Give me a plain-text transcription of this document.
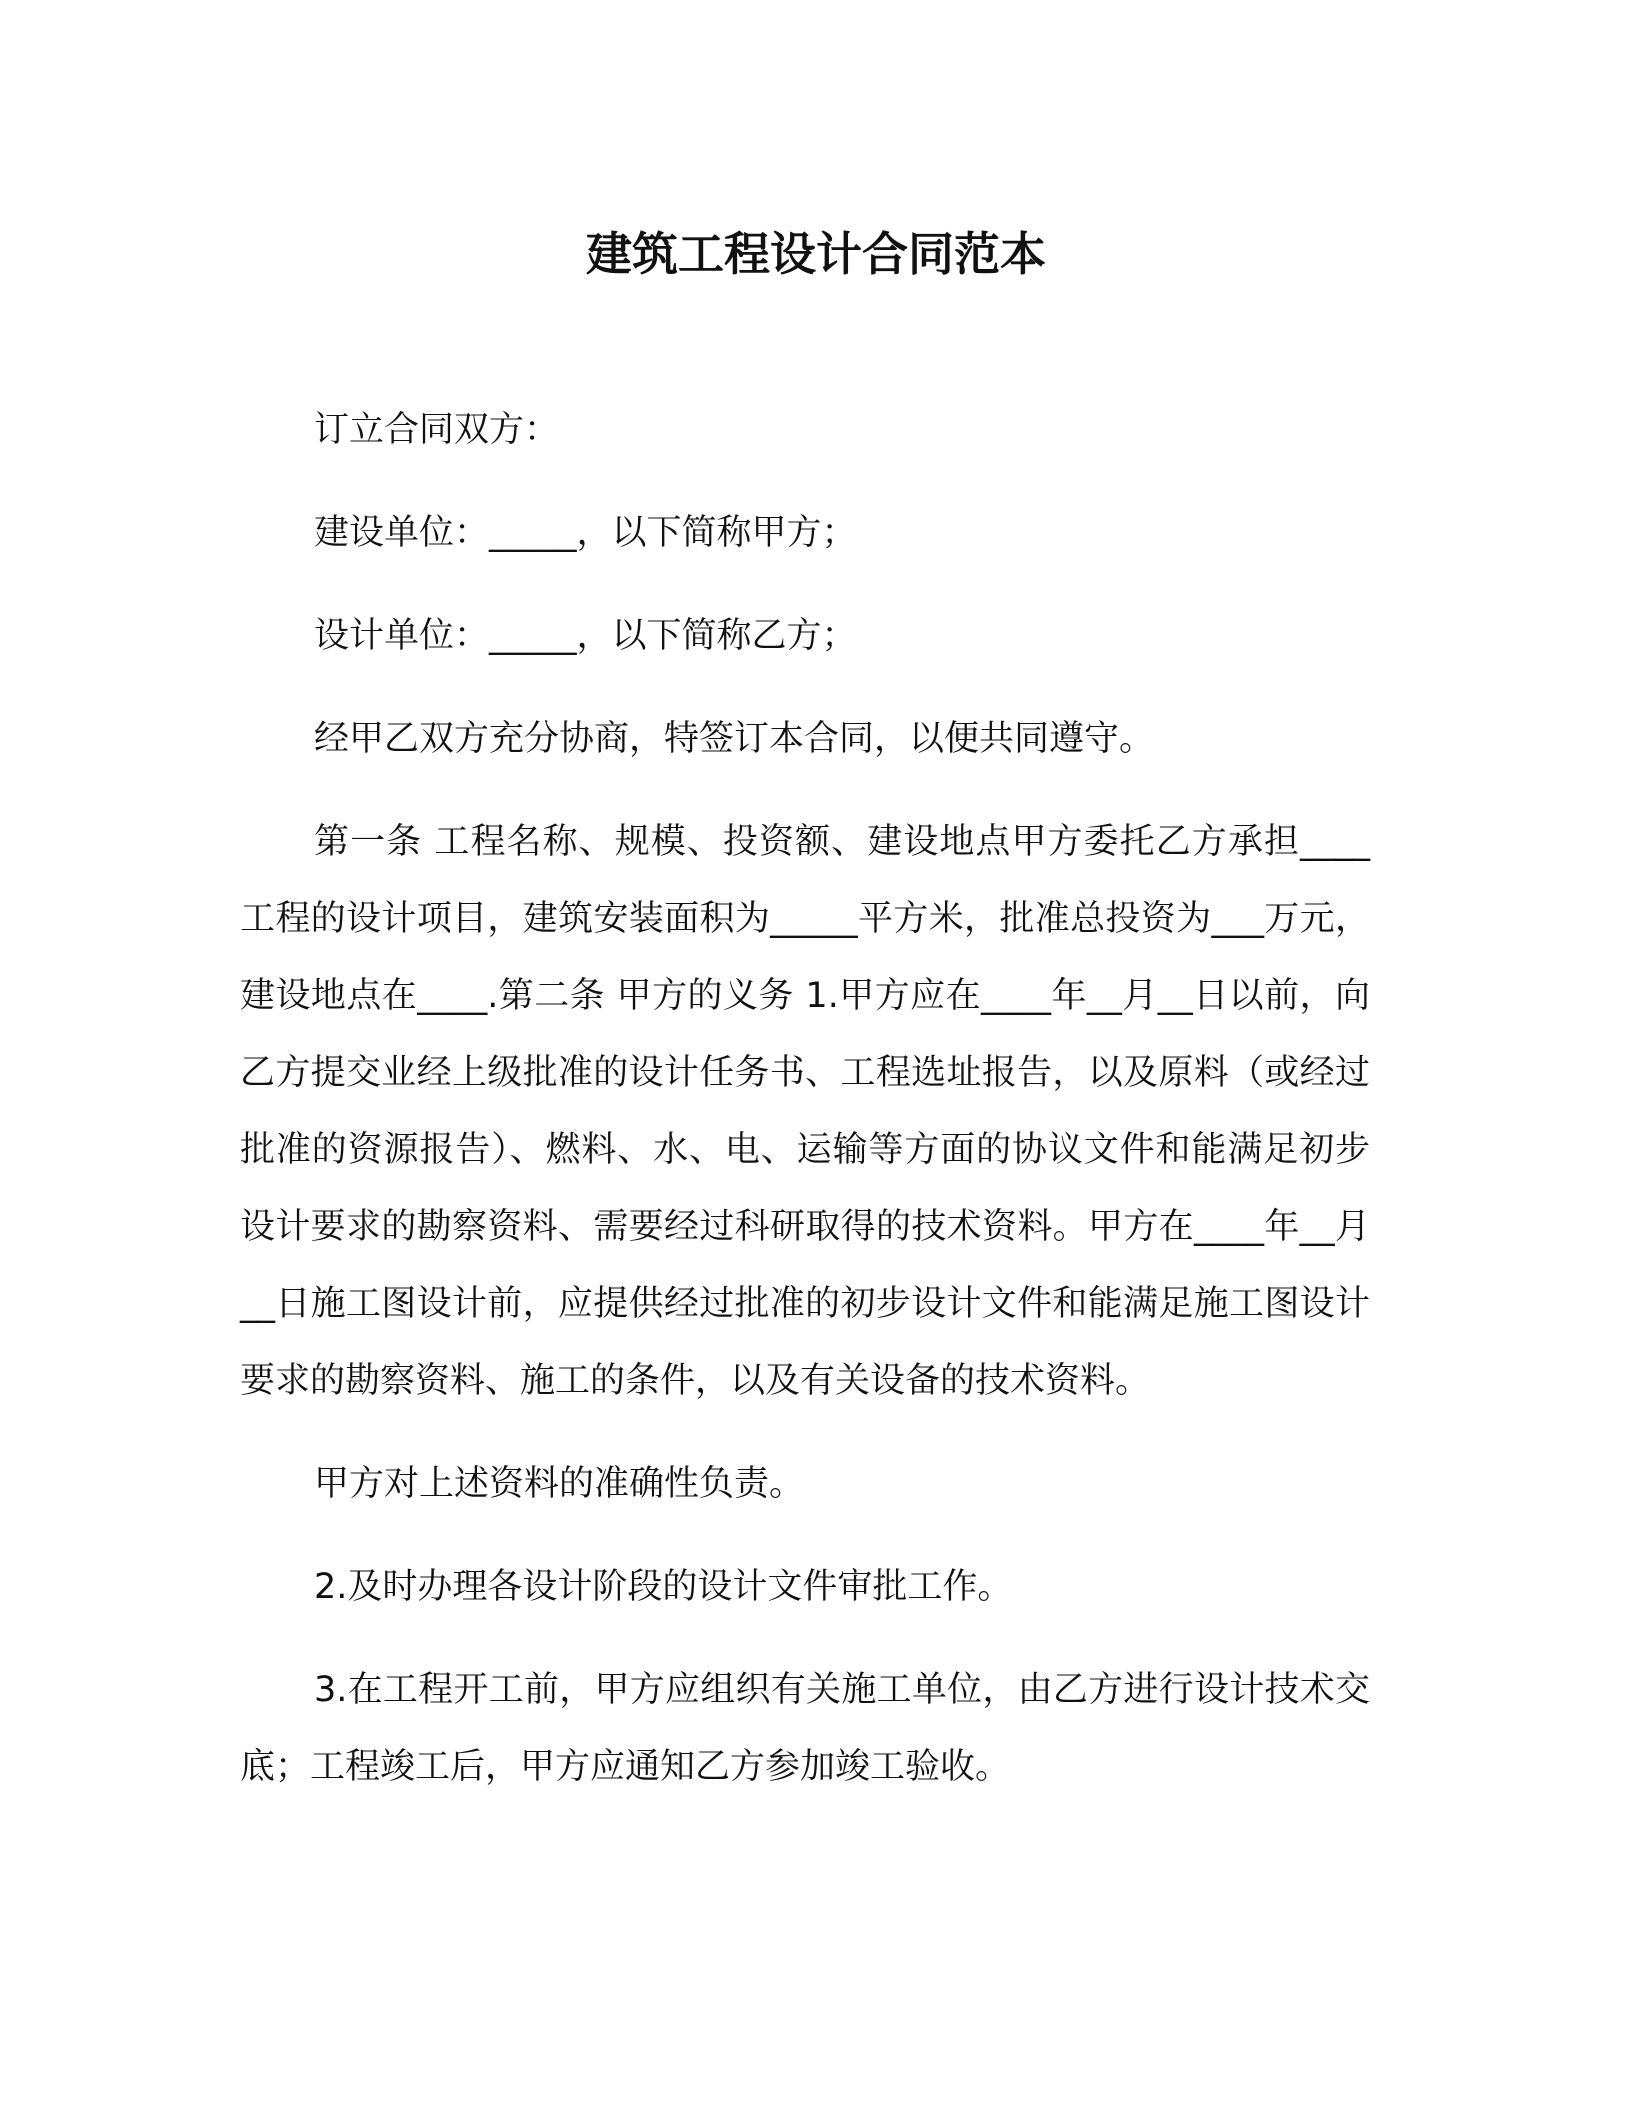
建筑工程设计合同范本

订立合同双方：

建设单位：_____，以下简称甲方；

设计单位：_____，以下简称乙方；

经甲乙双方充分协商，特签订本合同，以便共同遵守。

第一条 工程名称、规模、投资额、建设地点甲方委托乙方承担____工程的设计项目，建筑安装面积为_____平方米，批准总投资为___万元，建设地点在____.第二条 甲方的义务 1.甲方应在____年__月__日以前，向乙方提交业经上级批准的设计任务书、工程选址报告，以及原料（或经过批准的资源报告）、燃料、水、电、运输等方面的协议文件和能满足初步设计要求的勘察资料、需要经过科研取得的技术资料。甲方在____年__月__日施工图设计前，应提供经过批准的初步设计文件和能满足施工图设计要求的勘察资料、施工的条件，以及有关设备的技术资料。

甲方对上述资料的准确性负责。

2.及时办理各设计阶段的设计文件审批工作。

3.在工程开工前，甲方应组织有关施工单位，由乙方进行设计技术交底；工程竣工后，甲方应通知乙方参加竣工验收。
